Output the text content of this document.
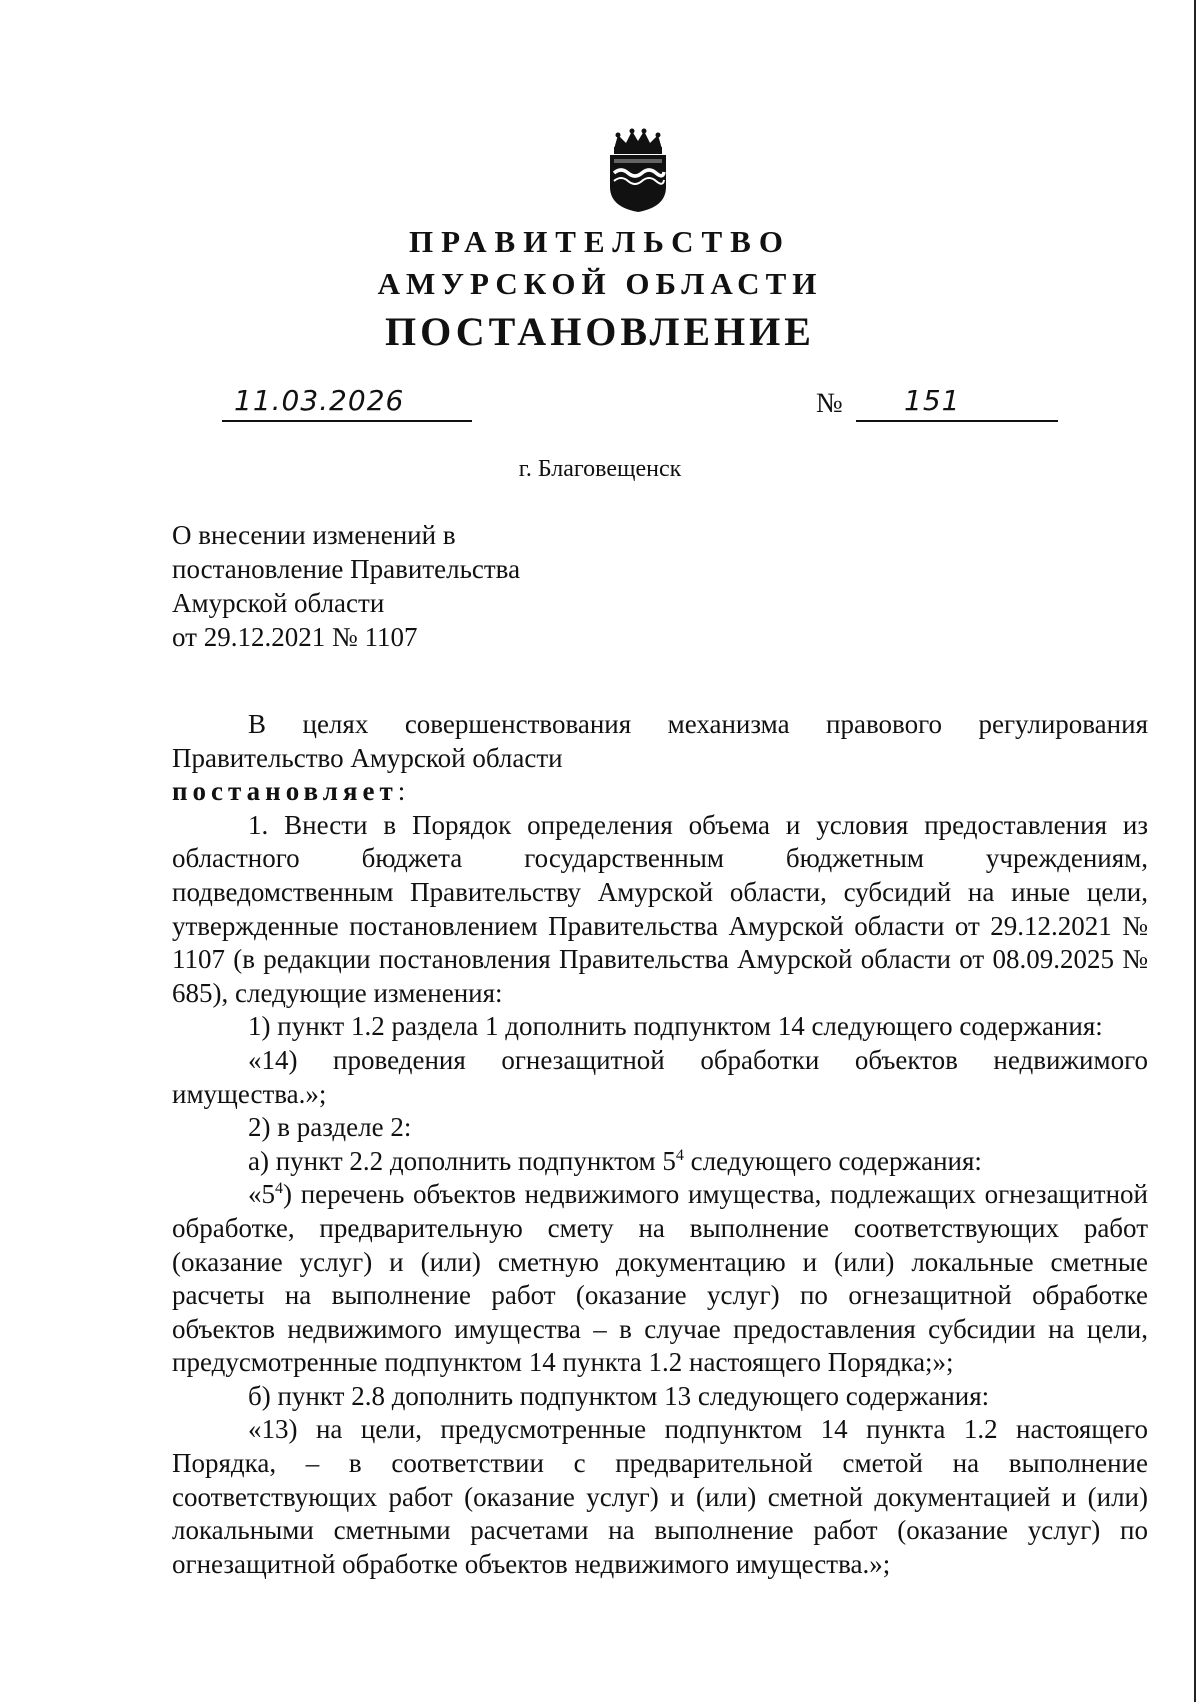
ПРАВИТЕЛЬСТВО
АМУРСКОЙ ОБЛАСТИ
ПОСТАНОВЛЕНИЕ
11.03.2026	№ 151
г. Благовещенск
О внесении изменений в
постановление Правительства
Амурской области
от 29.12.2021 № 1107

В целях совершенствования механизма правового регулирования

Правительство Амурской области

постановляет:

1. Внести в Порядок определения объема и условия предоставления из областного бюджета государственным бюджетным учреждениям, подведомственным Правительству Амурской области, субсидий на иные цели, утвержденные постановлением Правительства Амурской области от 29.12.2021 № 1107 (в редакции постановления Правительства Амурской области от 08.09.2025 № 685), следующие изменения:

1) пункт 1.2 раздела 1 дополнить подпунктом 14 следующего содержания:

«14) проведения огнезащитной обработки объектов недвижимого имущества.»;

2) в разделе 2:

а) пункт 2.2 дополнить подпунктом $5^4$ следующего содержания:

«$5^4$) перечень объектов недвижимого имущества, подлежащих огнезащитной обработке, предварительную смету на выполнение соответствующих работ (оказание услуг) и (или) сметную документацию и (или) локальные сметные расчеты на выполнение работ (оказание услуг) по огнезащитной обработке объектов недвижимого имущества – в случае предоставления субсидии на цели, предусмотренные подпунктом 14 пункта 1.2 настоящего Порядка;»;

б) пункт 2.8 дополнить подпунктом 13 следующего содержания:

«13) на цели, предусмотренные подпунктом 14 пункта 1.2 настоящего Порядка, – в соответствии с предварительной сметой на выполнение соответствующих работ (оказание услуг) и (или) сметной документацией и (или) локальными сметными расчетами на выполнение работ (оказание услуг) по огнезащитной обработке объектов недвижимого имущества.»;
